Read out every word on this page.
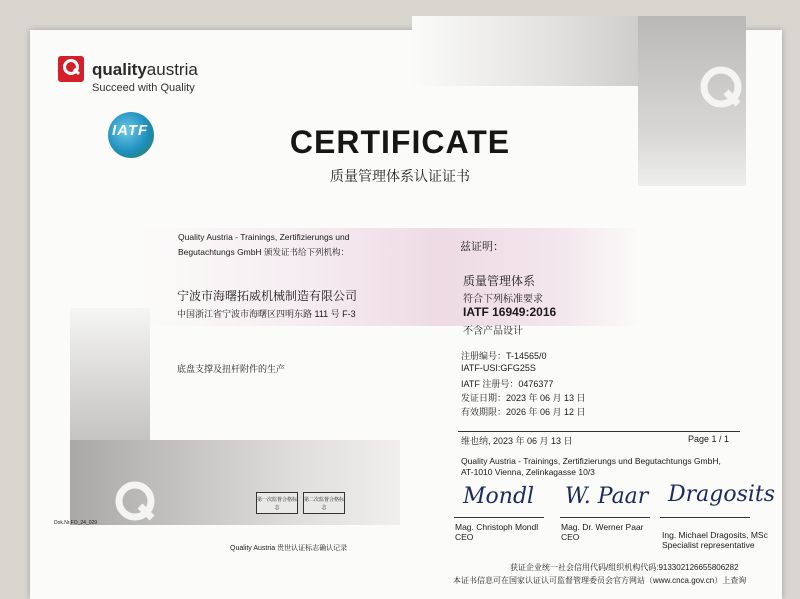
qualityaustria
Succeed with Quality
IATF	CERTIFICATE
质量管理体系认证证书
Quality Austria - Trainings, Zertifizierungs und
Begutachtungs GmbH 颁发证书给下列机构：	兹证明：
宁波市海曙拓威机械制造有限公司
中国浙江省宁波市海曙区四明东路 111 号 F-3
质量管理体系
符合下列标准要求
IATF 16949:2016
不含产品设计
底盘支撑及扭杆附件的生产
注册编号：T-14565/0
IATF-USI:GFG25S
IATF 注册号：0476377
发证日期：2023 年 06 月 13 日
有效期限：2026 年 06 月 12 日
维也纳, 2023 年 06 月 13 日	Page 1 / 1
Quality Austria - Trainings, Zertifizierungs und Begutachtungs GmbH,
AT-1010 Vienna, Zelinkagasse 10/3
第一次监督合格标志
第二次监督合格标志
Dok.Nr.FO_24_029
Mondl W. Paar Dragosits
Mag. Christoph Mondl
CEO
Mag. Dr. Werner Paar
CEO	Ing. Michael Dragosits, MSc
Specialist representative
Quality Austria 贵世认证标志确认记录
获证企业统一社会信用代码/组织机构代码:91330212665580628​2
本证书信息可在国家认证认可监督管理委员会官方网站（www.cnca.gov.cn）上查询
